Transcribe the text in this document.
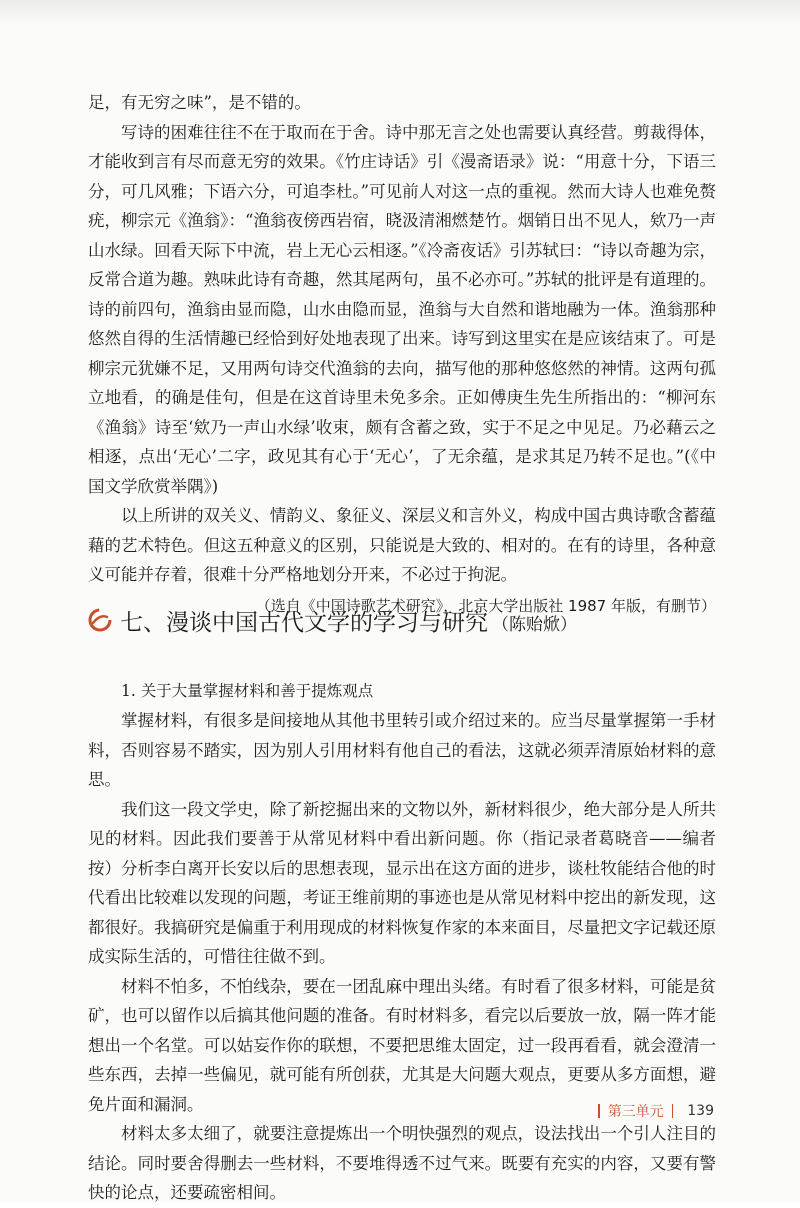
足，有无穷之味”，是不错的。

写诗的困难往往不在于取而在于舍。诗中那无言之处也需要认真经营。剪裁得体，才能收到言有尽而意无穷的效果。《竹庄诗话》引《漫斋语录》说：“用意十分，下语三分，可几风雅；下语六分，可追李杜。”可见前人对这一点的重视。然而大诗人也难免赘疣，柳宗元《渔翁》：“渔翁夜傍西岩宿，晓汲清湘燃楚竹。烟销日出不见人，欸乃一声山水绿。回看天际下中流，岩上无心云相逐。”《冷斋夜话》引苏轼曰：“诗以奇趣为宗，反常合道为趣。熟味此诗有奇趣，然其尾两句，虽不必亦可。”苏轼的批评是有道理的。诗的前四句，渔翁由显而隐，山水由隐而显，渔翁与大自然和谐地融为一体。渔翁那种悠然自得的生活情趣已经恰到好处地表现了出来。诗写到这里实在是应该结束了。可是柳宗元犹嫌不足，又用两句诗交代渔翁的去向，描写他的那种悠悠然的神情。这两句孤立地看，的确是佳句，但是在这首诗里未免多余。正如傅庚生先生所指出的：“柳河东《渔翁》诗至‘欸乃一声山水绿’收束，颇有含蓄之致，实于不足之中见足。乃必藉云之相逐，点出‘无心’二字，政见其有心于‘无心’，了无余蕴，是求其足乃转不足也。”(《中国文学欣赏举隅》)

以上所讲的双关义、情韵义、象征义、深层义和言外义，构成中国古典诗歌含蓄蕴藉的艺术特色。但这五种意义的区别，只能说是大致的、相对的。在有的诗里，各种意义可能并存着，很难十分严格地划分开来，不必过于拘泥。

（选自《中国诗歌艺术研究》，北京大学出版社 1987 年版，有删节）

七、漫谈中国古代文学的学习与研究 （陈贻焮）
1. 关于大量掌握材料和善于提炼观点

掌握材料，有很多是间接地从其他书里转引或介绍过来的。应当尽量掌握第一手材料，否则容易不踏实，因为别人引用材料有他自己的看法，这就必须弄清原始材料的意思。

我们这一段文学史，除了新挖掘出来的文物以外，新材料很少，绝大部分是人所共见的材料。因此我们要善于从常见材料中看出新问题。你（指记录者葛晓音——编者按）分析李白离开长安以后的思想表现，显示出在这方面的进步，谈杜牧能结合他的时代看出比较难以发现的问题，考证王维前期的事迹也是从常见材料中挖出的新发现，这都很好。我搞研究是偏重于利用现成的材料恢复作家的本来面目，尽量把文字记载还原成实际生活的，可惜往往做不到。

材料不怕多，不怕线杂，要在一团乱麻中理出头绪。有时看了很多材料，可能是贫矿，也可以留作以后搞其他问题的准备。有时材料多，看完以后要放一放，隔一阵才能想出一个名堂。可以姑妄作你的联想，不要把思维太固定，过一段再看看，就会澄清一些东西，去掉一些偏见，就可能有所创获，尤其是大问题大观点，更要从多方面想，避免片面和漏洞。

材料太多太细了，就要注意提炼出一个明快强烈的观点，设法找出一个引人注目的结论。同时要舍得删去一些材料，不要堆得透不过气来。既要有充实的内容，又要有警快的论点，还要疏密相间。

第三单元 139
